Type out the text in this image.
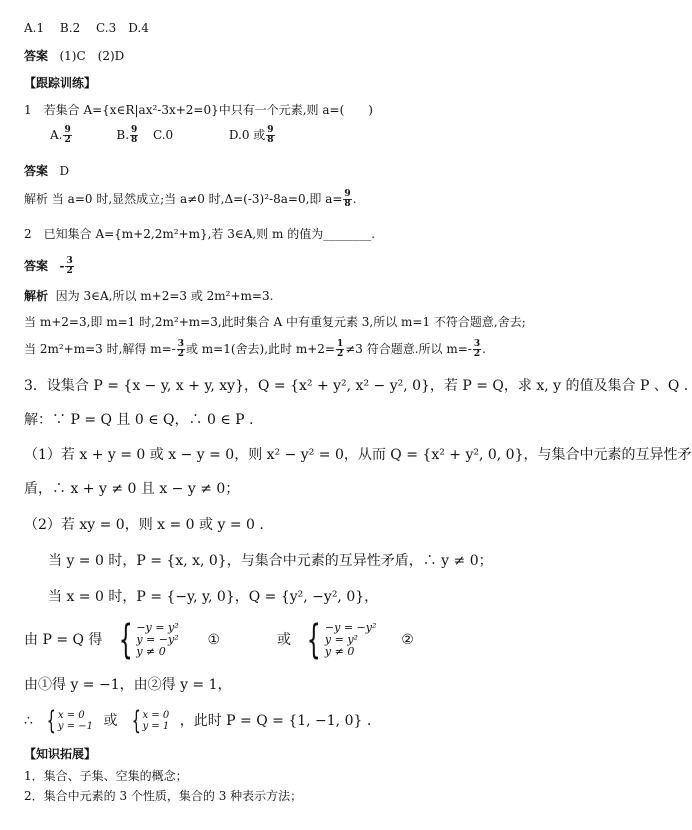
A.1　 B.2 　C.3　D.4
答案 (1)C　(2)D
【跟踪训练】
1　若集合 A={x∈R|ax²-3x+2=0}中只有一个元素,则 a=(　　)
A. $\frac{9}{2}$	B. $\frac{9}{8} C.0$	D.0 或 $\frac{9}{8}$
答案 D
解析 当 a=0 时,显然成立;当 a≠0 时,Δ=(-3)²-8a=0,即 $a= \frac{9}{8}$ .
2　已知集合 A={m+2,2m²+m},若 3∈A,则 m 的值为________.
答案 - $\frac{3}{2}$
解析 因为 3∈A,所以 m+2=3 或 2m²+m=3.
当 m+2=3,即 m=1 时,2m²+m=3,此时集合 A 中有重复元素 3,所以 m=1 不符合题意,舍去;
当 2m²+m=3 时,解得 $m=- \frac{3}{2}$ 或 m=1(舍去),此时 $m+2= \frac{1}{2} \ne 3$ 符合题意.所以 $m=- \frac{3}{2}$ .
3．设集合 P = {x − y, x + y, xy}，Q = {x² + y², x² − y², 0}，若 P = Q，求 x, y 的值及集合 P 、Q .
解：∵ P = Q 且 0 ∈ Q，∴ 0 ∈ P .
（1）若 x + y = 0 或 x − y = 0，则 x² − y² = 0，从而 Q = {x² + y², 0, 0}，与集合中元素的互异性矛
盾，∴ x + y ≠ 0 且 x − y ≠ 0；
（2）若 xy = 0，则 x = 0 或 y = 0 .
当 y = 0 时，P = {x, x, 0}，与集合中元素的互异性矛盾，∴ y ≠ 0；
当 x = 0 时，P = {−y, y, 0}，Q = {y², −y², 0}，
由 P = Q 得 { −y = y²
y = −y²
y ≠ 0
①	或 { −y = −y²
y = y²
y ≠ 0
②
由①得 y = −1，由②得 y = 1，
∴ { x = 0
y = −1 或 { x = 0
y = 1 ，此时 P = Q = {1, −1, 0} .
【知识拓展】
1．集合、子集、空集的概念；
2．集合中元素的 3 个性质，集合的 3 种表示方法；
